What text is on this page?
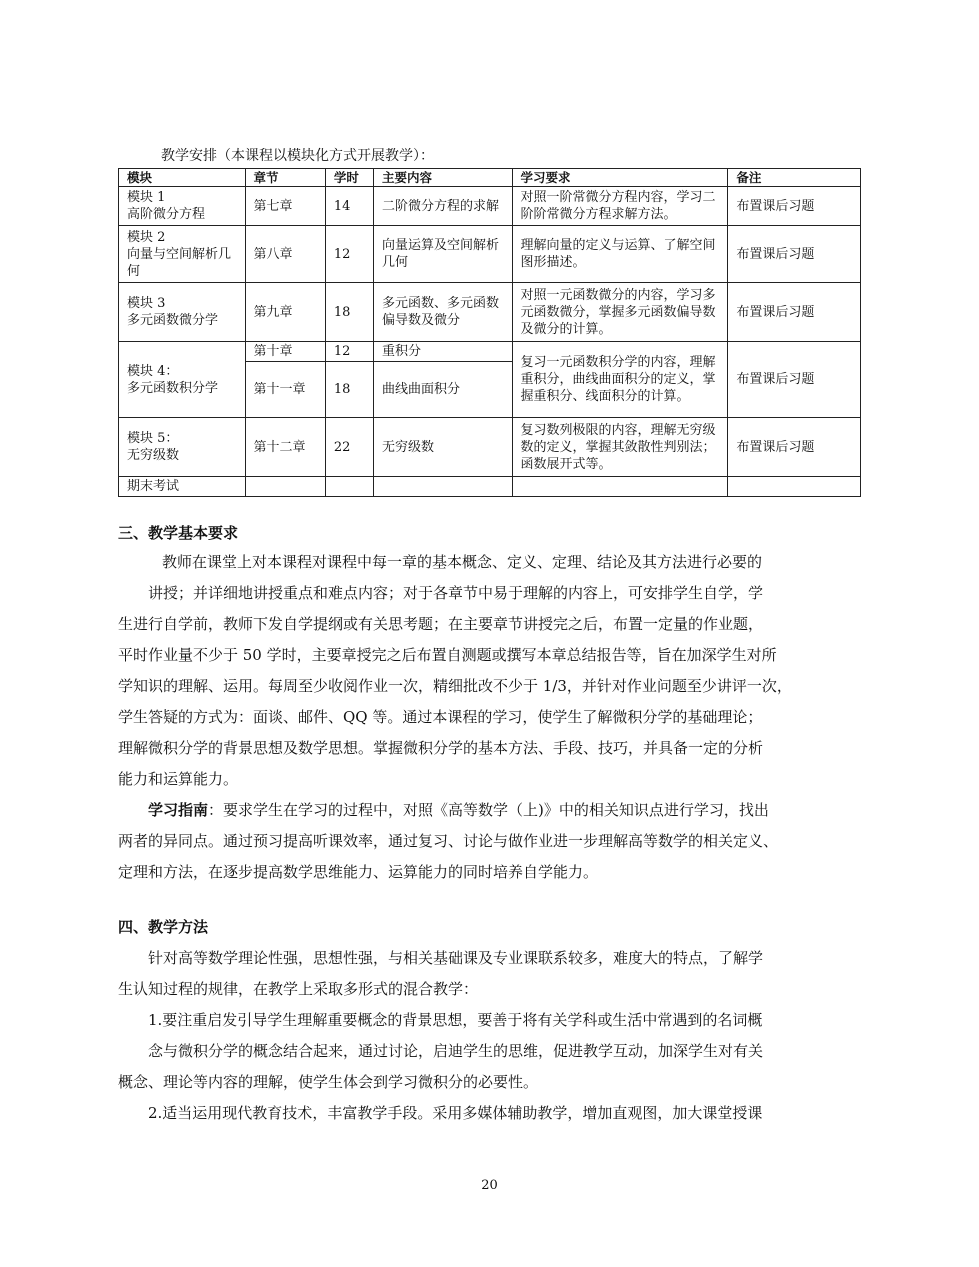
教学安排（本课程以模块化方式开展教学）：
模块	章节	学时	主要内容	学习要求	备注
模块 1
高阶微分方程	第七章	14	二阶微分方程的求解	对照一阶常微分方程内容，学习二阶阶常微分方程求解方法。	布置课后习题
模块 2
向量与空间解析几何	第八章	12	向量运算及空间解析几何	理解向量的定义与运算、了解空间图形描述。	布置课后习题
模块 3
多元函数微分学	第九章	18	多元函数、多元函数偏导数及微分	对照一元函数微分的内容，学习多元函数微分，掌握多元函数偏导数及微分的计算。	布置课后习题
模块 4：
多元函数积分学	第十章	12	重积分	复习一元函数积分学的内容，理解重积分，曲线曲面积分的定义，掌握重积分、线面积分的计算。	布置课后习题
	第十一章	18	曲线曲面积分		
模块 5：
无穷级数	第十二章	22	无穷级数	复习数列极限的内容，理解无穷级数的定义，掌握其敛散性判别法；函数展开式等。	布置课后习题
期末考试					
三、教学基本要求
教师在课堂上对本课程对课程中每一章的基本概念、定义、定理、结论及其方法进行必要的
讲授；并详细地讲授重点和难点内容；对于各章节中易于理解的内容上，可安排学生自学，学
生进行自学前，教师下发自学提纲或有关思考题；在主要章节讲授完之后，布置一定量的作业题，
平时作业量不少于 50 学时，主要章授完之后布置自测题或撰写本章总结报告等，旨在加深学生对所
学知识的理解、运用。每周至少收阅作业一次，精细批改不少于 1/3，并针对作业问题至少讲评一次，
学生答疑的方式为：面谈、邮件、QQ 等。通过本课程的学习，使学生了解微积分学的基础理论；
理解微积分学的背景思想及数学思想。掌握微积分学的基本方法、手段、技巧，并具备一定的分析
能力和运算能力。
学习指南：要求学生在学习的过程中，对照《高等数学（上)》中的相关知识点进行学习，找出
两者的异同点。通过预习提高听课效率，通过复习、讨论与做作业进一步理解高等数学的相关定义、
定理和方法，在逐步提高数学思维能力、运算能力的同时培养自学能力。
四、教学方法
针对高等数学理论性强，思想性强，与相关基础课及专业课联系较多，难度大的特点，了解学
生认知过程的规律，在教学上采取多形式的混合教学：
1.要注重启发引导学生理解重要概念的背景思想，要善于将有关学科或生活中常遇到的名词概
念与微积分学的概念结合起来，通过讨论，启迪学生的思维，促进教学互动，加深学生对有关
概念、理论等内容的理解，使学生体会到学习微积分的必要性。
2.适当运用现代教育技术，丰富教学手段。采用多媒体辅助教学，增加直观图，加大课堂授课
20
